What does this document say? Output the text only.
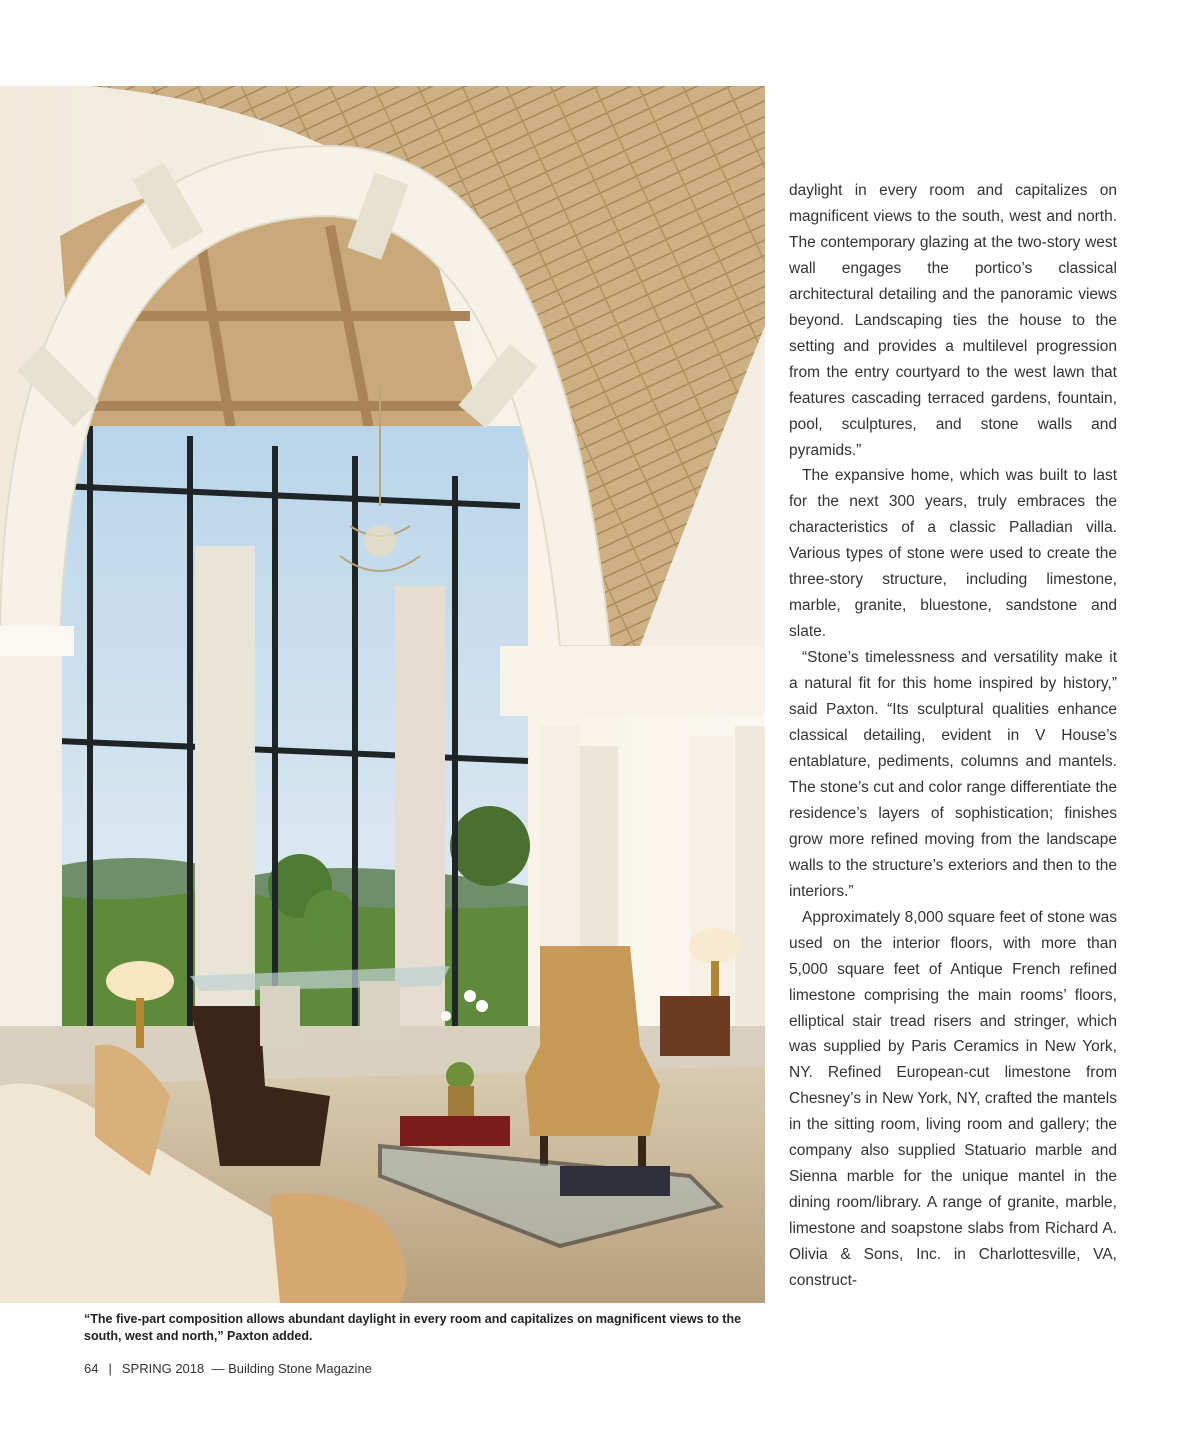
“The five-part composition allows abundant daylight in every room and capitalizes on magnificent views to the south, west and north,” Paxton added.

daylight in every room and capitalizes on magnificent views to the south, west and north. The contemporary glazing at the two-story west wall engages the portico’s classical architectural detailing and the panoramic views beyond. Landscaping ties the house to the setting and provides a multilevel progression from the entry courtyard to the west lawn that features cascading terraced gardens, fountain, pool, sculptures, and stone walls and pyramids.”

The expansive home, which was built to last for the next 300 years, truly embraces the characteristics of a classic Palladian villa. Various types of stone were used to create the three-story structure, including limestone, marble, granite, bluestone, sandstone and slate.

“Stone’s timelessness and versatility make it a natural fit for this home inspired by history,” said Paxton. “Its sculptural qualities enhance classical detailing, evident in V House’s entablature, pediments, columns and mantels. The stone’s cut and color range differentiate the residence’s layers of sophistication; finishes grow more refined moving from the landscape walls to the structure’s exteriors and then to the interiors.”

Approximately 8,000 square feet of stone was used on the interior floors, with more than 5,000 square feet of Antique French refined limestone comprising the main rooms’ floors, elliptical stair tread risers and stringer, which was supplied by Paris Ceramics in New York, NY. Refined European-cut limestone from Chesney’s in New York, NY, crafted the mantels in the sitting room, living room and gallery; the company also supplied Statuario marble and Sienna marble for the unique mantel in the dining room/library. A range of granite, marble, limestone and soapstone slabs from Richard A. Olivia & Sons, Inc. in Charlottesville, VA, construct-

64 | SPRING 2018 — Building Stone Magazine
